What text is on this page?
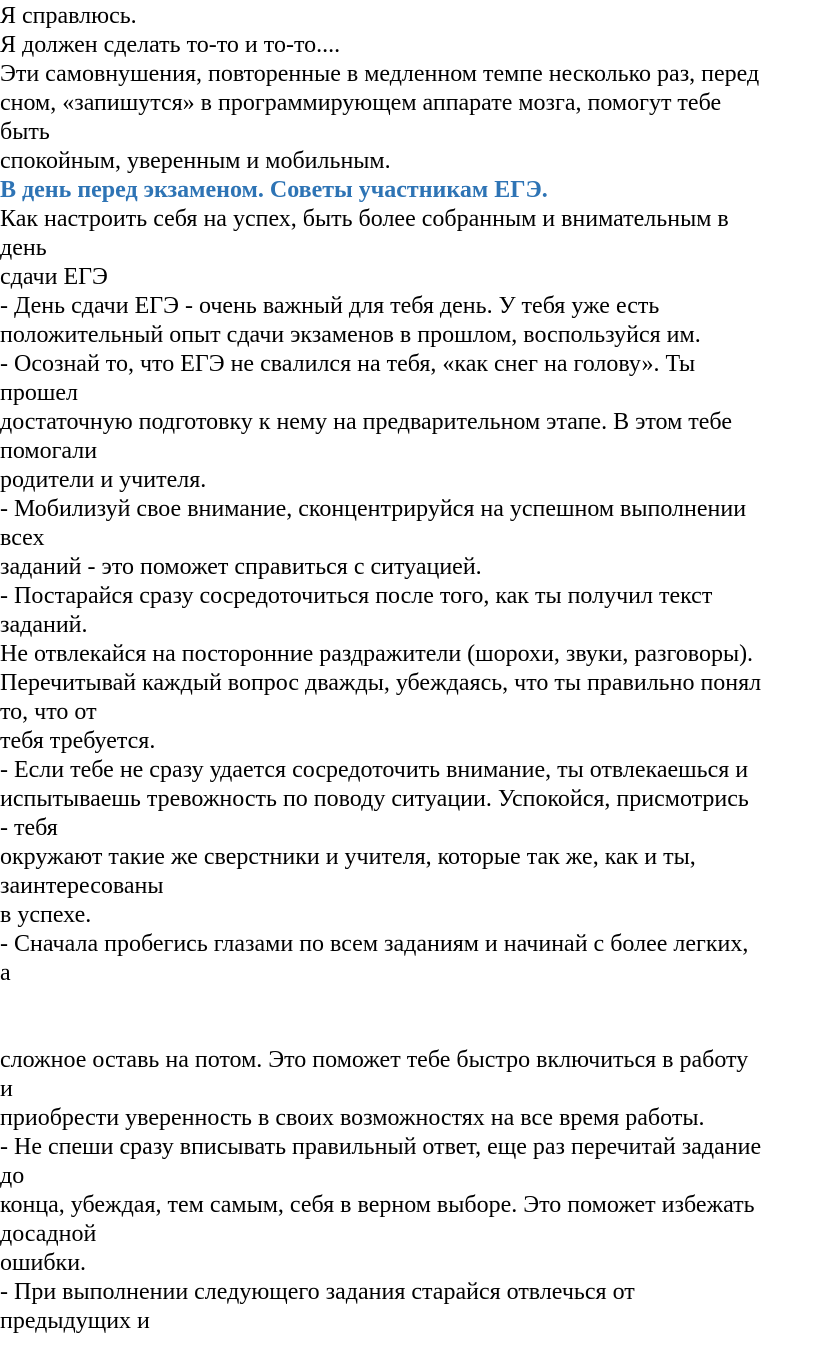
Я справлюсь.
Я должен сделать то-то и то-то....
Эти самовнушения, повторенные в медленном темпе несколько раз, перед
сном, «запишутся» в программирующем аппарате мозга, помогут тебе
быть
спокойным, уверенным и мобильным.
В день перед экзаменом. Советы участникам ЕГЭ.
Как настроить себя на успех, быть более собранным и внимательным в
день
сдачи ЕГЭ
- День сдачи ЕГЭ - очень важный для тебя день. У тебя уже есть
положительный опыт сдачи экзаменов в прошлом, воспользуйся им.
- Осознай то, что ЕГЭ не свалился на тебя, «как снег на голову». Ты
прошел
достаточную подготовку к нему на предварительном этапе. В этом тебе
помогали
родители и учителя.
- Мобилизуй свое внимание, сконцентрируйся на успешном выполнении
всех
заданий - это поможет справиться с ситуацией.
- Постарайся сразу сосредоточиться после того, как ты получил текст
заданий.
Не отвлекайся на посторонние раздражители (шорохи, звуки, разговоры).
Перечитывай каждый вопрос дважды, убеждаясь, что ты правильно понял
то, что от
тебя требуется.
- Если тебе не сразу удается сосредоточить внимание, ты отвлекаешься и
испытываешь тревожность по поводу ситуации. Успокойся, присмотрись
- тебя
окружают такие же сверстники и учителя, которые так же, как и ты,
заинтересованы
в успехе.
- Сначала пробегись глазами по всем заданиям и начинай с более легких,
а
сложное оставь на потом. Это поможет тебе быстро включиться в работу
и
приобрести уверенность в своих возможностях на все время работы.
- Не спеши сразу вписывать правильный ответ, еще раз перечитай задание
до
конца, убеждая, тем самым, себя в верном выборе. Это поможет избежать
досадной
ошибки.
- При выполнении следующего задания старайся отвлечься от
предыдущих и
